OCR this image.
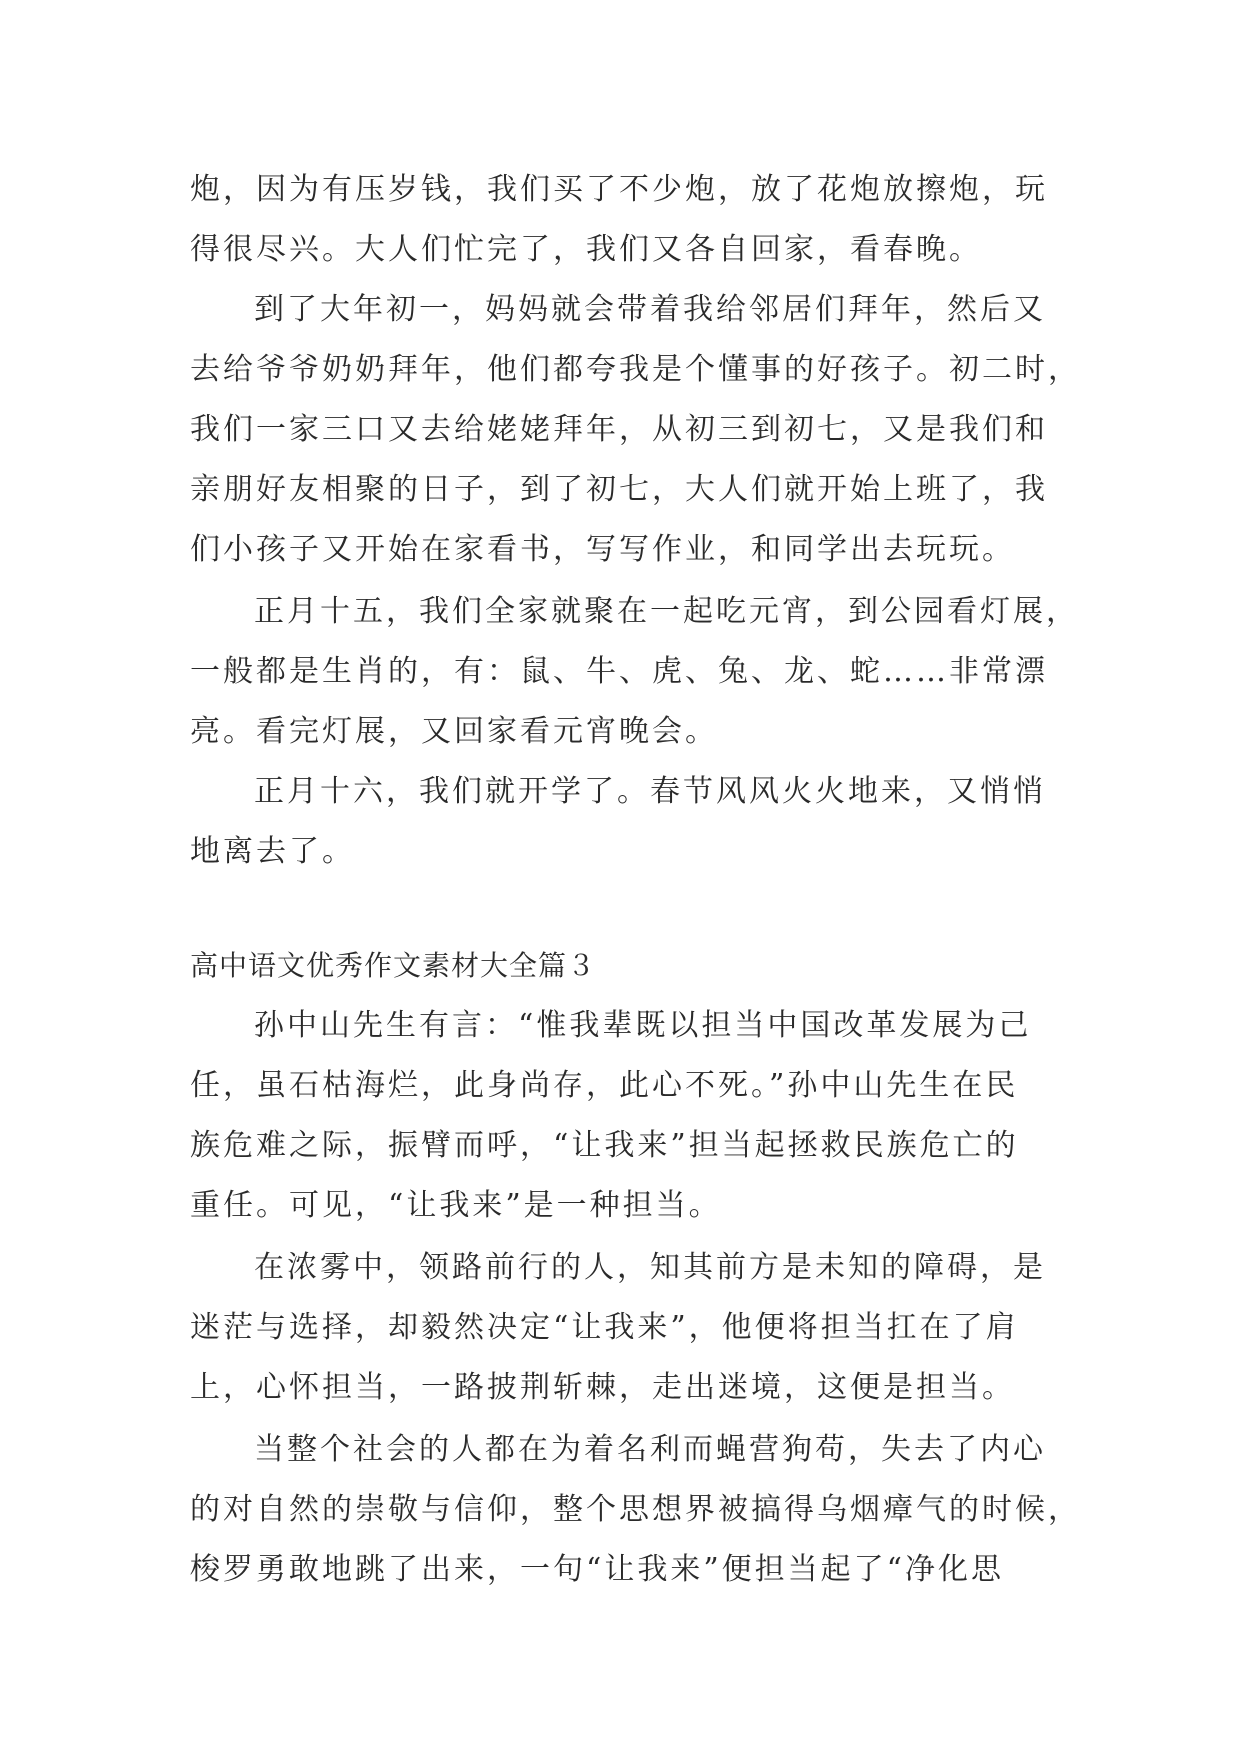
炮，因为有压岁钱，我们买了不少炮，放了花炮放擦炮，玩
得很尽兴。大人们忙完了，我们又各自回家，看春晚。
到了大年初一，妈妈就会带着我给邻居们拜年，然后又
去给爷爷奶奶拜年，他们都夸我是个懂事的好孩子。初二时，
我们一家三口又去给姥姥拜年，从初三到初七，又是我们和
亲朋好友相聚的日子，到了初七，大人们就开始上班了，我
们小孩子又开始在家看书，写写作业，和同学出去玩玩。
正月十五，我们全家就聚在一起吃元宵，到公园看灯展，
一般都是生肖的，有：鼠、牛、虎、兔、龙、蛇……非常漂
亮。看完灯展，又回家看元宵晚会。
正月十六，我们就开学了。春节风风火火地来，又悄悄
地离去了。
高中语文优秀作文素材大全篇３
孙中山先生有言：“惟我辈既以担当中国改革发展为己
任，虽石枯海烂，此身尚存，此心不死。”孙中山先生在民
族危难之际，振臂而呼，“让我来”担当起拯救民族危亡的
重任。可见，“让我来”是一种担当。
在浓雾中，领路前行的人，知其前方是未知的障碍，是
迷茫与选择，却毅然决定“让我来”，他便将担当扛在了肩
上，心怀担当，一路披荆斩棘，走出迷境，这便是担当。
当整个社会的人都在为着名利而蝇营狗苟，失去了内心
的对自然的崇敬与信仰，整个思想界被搞得乌烟瘴气的时候，
梭罗勇敢地跳了出来，一句“让我来”便担当起了“净化思
